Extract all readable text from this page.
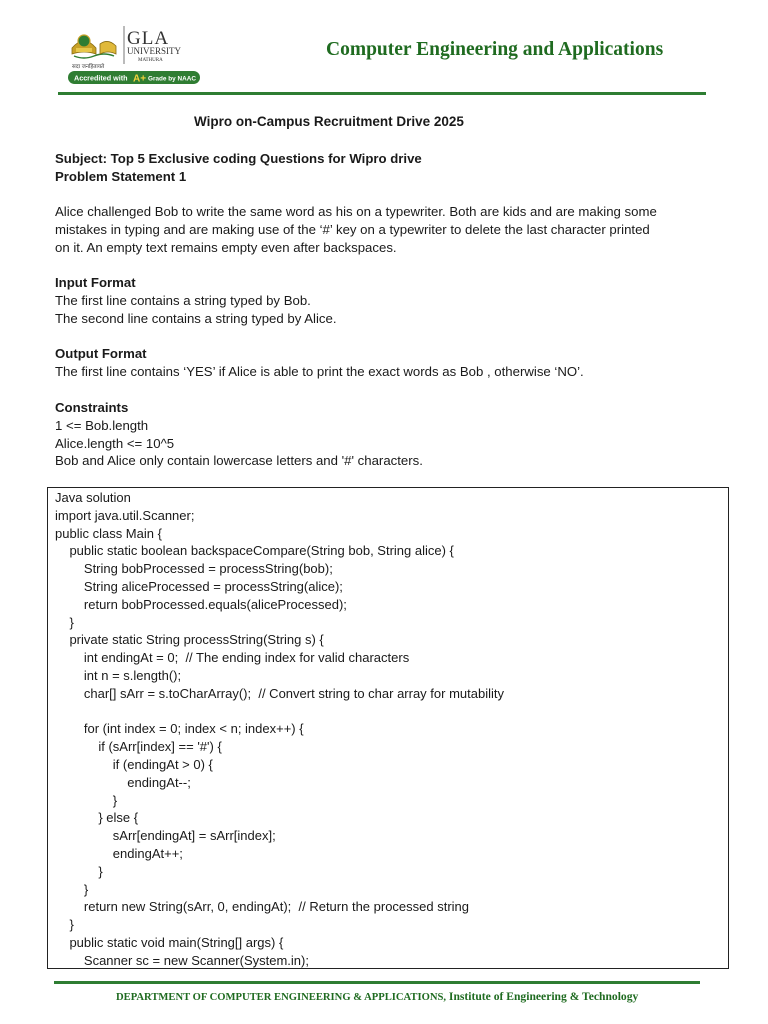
सदा जनहितायते
GLA
UNIVERSITY
MATHURA
Accredited with A+ Grade by NAAC
Computer Engineering and Applications
Wipro on-Campus Recruitment Drive 2025
Subject: Top 5 Exclusive coding Questions for Wipro drive
Problem Statement 1
Alice challenged Bob to write the same word as his on a typewriter. Both are kids and are making some
mistakes in typing and are making use of the ‘#’ key on a typewriter to delete the last character printed
on it. An empty text remains empty even after backspaces.
Input Format
The first line contains a string typed by Bob.
The second line contains a string typed by Alice.
Output Format
The first line contains ‘YES’ if Alice is able to print the exact words as Bob , otherwise ‘NO’.
Constraints
1 <= Bob.length
Alice.length <= 10^5
Bob and Alice only contain lowercase letters and '#' characters.
Java solution
import java.util.Scanner;
public class Main {
public static boolean backspaceCompare(String bob, String alice) {
String bobProcessed = processString(bob);
String aliceProcessed = processString(alice);
return bobProcessed.equals(aliceProcessed);
}
private static String processString(String s) {
int endingAt = 0;  // The ending index for valid characters
int n = s.length();
char[] sArr = s.toCharArray();  // Convert string to char array for mutability
for (int index = 0; index < n; index++) {
if (sArr[index] == '#') {
if (endingAt > 0) {
endingAt--;
}
} else {
sArr[endingAt] = sArr[index];
endingAt++;
}
}
return new String(sArr, 0, endingAt);  // Return the processed string
}
public static void main(String[] args) {
Scanner sc = new Scanner(System.in);
DEPARTMENT OF COMPUTER ENGINEERING & APPLICATIONS, Institute of Engineering & Technology
